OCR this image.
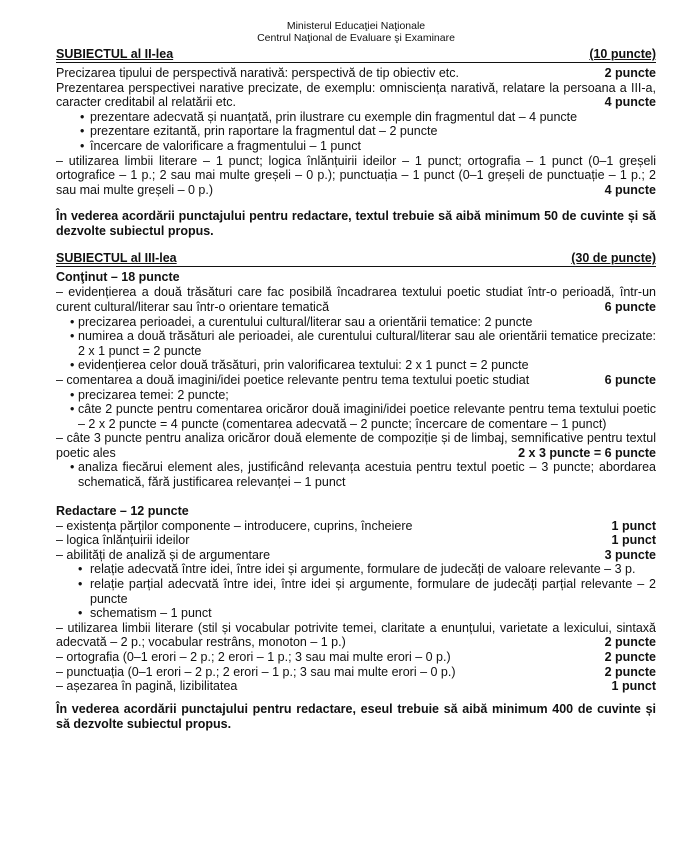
Ministerul Educaţiei Naţionale
Centrul Naţional de Evaluare şi Examinare
SUBIECTUL al II-lea	(10 puncte)
Precizarea tipului de perspectivă narativă: perspectivă de tip obiectiv etc.	2 puncte
Prezentarea perspectivei narative precizate, de exemplu: omnisciența narativă, relatare la persoana a III-a, caracter creditabil al relatării etc.	4 puncte
• prezentare adecvată și nuanțată, prin ilustrare cu exemple din fragmentul dat – 4 puncte
• prezentare ezitantă, prin raportare la fragmentul dat – 2 puncte
• încercare de valorificare a fragmentului – 1 punct
– utilizarea limbii literare – 1 punct; logica înlănțuirii ideilor – 1 punct; ortografia – 1 punct (0–1 greșeli ortografice – 1 p.; 2 sau mai multe greșeli – 0 p.); punctuația – 1 punct (0–1 greșeli de punctuație – 1 p.; 2 sau mai multe greșeli – 0 p.)	4 puncte
În vederea acordării punctajului pentru redactare, textul trebuie să aibă minimum 50 de cuvinte și să dezvolte subiectul propus.
SUBIECTUL al III-lea	(30 de puncte)
Conţinut – 18 puncte
– evidențierea a două trăsături care fac posibilă încadrarea textului poetic studiat într-o perioadă, într-un curent cultural/literar sau într-o orientare tematică	6 puncte
• precizarea perioadei, a curentului cultural/literar sau a orientării tematice: 2 puncte
• numirea a două trăsături ale perioadei, ale curentului cultural/literar sau ale orientării tematice precizate: 2 x 1 punct = 2 puncte
• evidențierea celor două trăsături, prin valorificarea textului: 2 x 1 punct = 2 puncte
– comentarea a două imagini/idei poetice relevante pentru tema textului poetic studiat	6 puncte
• precizarea temei: 2 puncte;
• câte 2 puncte pentru comentarea oricăror două imagini/idei poetice relevante pentru tema textului poetic – 2 x 2 puncte = 4 puncte (comentarea adecvată – 2 puncte; încercare de comentare – 1 punct)
– câte 3 puncte pentru analiza oricăror două elemente de compoziție și de limbaj, semnificative pentru textul poetic ales	2 x 3 puncte = 6 puncte
• analiza fiecărui element ales, justificând relevanța acestuia pentru textul poetic – 3 puncte; abordarea schematică, fără justificarea relevanței – 1 punct
Redactare – 12 puncte
– existența părților componente – introducere, cuprins, încheiere	1 punct
– logica înlănțuirii ideilor	1 punct
– abilități de analiză și de argumentare	3 puncte
• relație adecvată între idei, între idei și argumente, formulare de judecăți de valoare relevante – 3 p.
• relație parțial adecvată între idei, între idei și argumente, formulare de judecăți parțial relevante – 2 puncte
• schematism – 1 punct
– utilizarea limbii literare (stil și vocabular potrivite temei, claritate a enunțului, varietate a lexicului, sintaxă adecvată – 2 p.; vocabular restrâns, monoton – 1 p.)	2 puncte
– ortografia (0–1 erori – 2 p.; 2 erori – 1 p.; 3 sau mai multe erori – 0 p.)	2 puncte
– punctuația (0–1 erori – 2 p.; 2 erori – 1 p.; 3 sau mai multe erori – 0 p.)	2 puncte
– așezarea în pagină, lizibilitatea	1 punct
În vederea acordării punctajului pentru redactare, eseul trebuie să aibă minimum 400 de cuvinte și să dezvolte subiectul propus.
